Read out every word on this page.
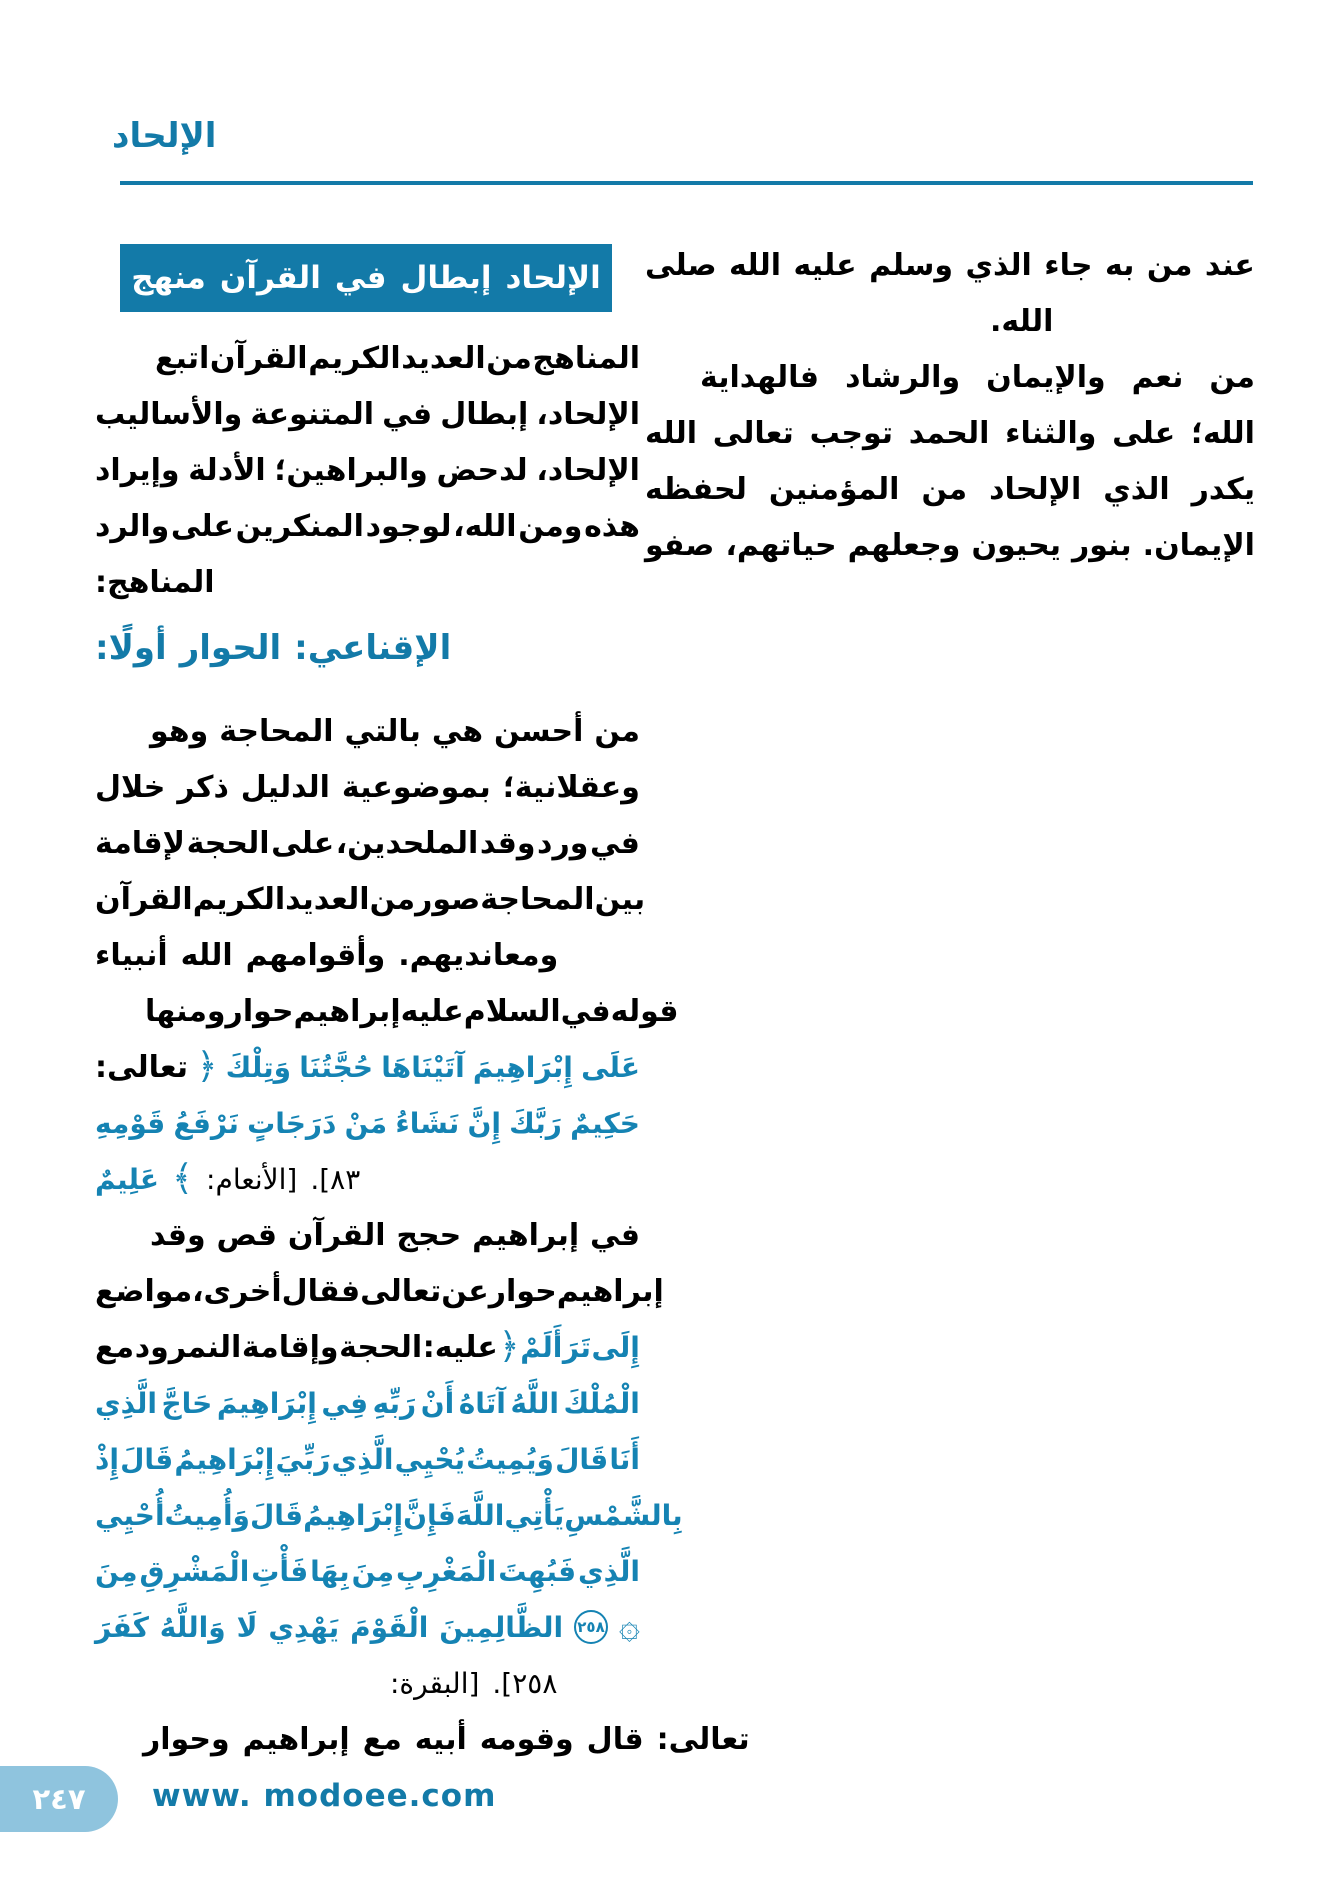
الإلحاد
صلى الله عليه وسلم الذي جاء به من عند
الله.
فالهداية والرشاد والإيمان نعم من
الله تعالى توجب الحمد والثناء على الله؛
لحفظه المؤمنين من الإلحاد الذي يكدر
صفو حياتهم، وجعلهم يحيون بنور الإيمان.
منهج القرآن في إبطال الإلحاد
اتبع القرآن الكريم العديد من المناهج
والأساليب المتنوعة في إبطال الإلحاد،
وإيراد الأدلة والبراهين؛ لدحض الإلحاد،
والرد على المنكرين لوجود الله، ومن هذه
المناهج:
أولًا: الحوار الإقناعي:
وهو المحاجة بالتي هي أحسن من
خلال ذكر الدليل بموضوعية وعقلانية؛
لإقامة الحجة على الملحدين، وقد ورد في
القرآن الكريم العديد من صور المحاجة بين
أنبياء الله وأقوامهم ومعانديهم.
ومنها حوار إبراهيم عليه السلام في قوله
تعالى: ﴿ وَتِلْكَ حُجَّتُنَا آتَيْنَاهَا إِبْرَاهِيمَ عَلَى
قَوْمِهِ نَرْفَعُ دَرَجَاتٍ مَنْ نَشَاءُ إِنَّ رَبَّكَ حَكِيمٌ
عَلِيمٌ ﴾ [الأنعام: ٨٣].
وقد قص القرآن حجج إبراهيم في
مواضع أخرى، فقال تعالى عن حوار إبراهيم
مع النمرود وإقامة الحجة عليه: ﴿ أَلَمْ تَرَ إِلَى
الَّذِي حَاجَّ إِبْرَاهِيمَ فِي رَبِّهِ أَنْ آتَاهُ اللَّهُ الْمُلْكَ
إِذْ قَالَ إِبْرَاهِيمُ رَبِّيَ الَّذِي يُحْيِي وَيُمِيتُ قَالَ أَنَا
أُحْيِي وَأُمِيتُ قَالَ إِبْرَاهِيمُ فَإِنَّ اللَّهَ يَأْتِي بِالشَّمْسِ
مِنَ الْمَشْرِقِ فَأْتِ بِهَا مِنَ الْمَغْرِبِ فَبُهِتَ الَّذِي
كَفَرَ وَاللَّهُ لَا يَهْدِي الْقَوْمَ الظَّالِمِينَ ٢٥٨ ۞
[البقرة: ٢٥٨].
وحوار إبراهيم مع أبيه وقومه قال تعالى:
٢٤٧ www. modoee.com
